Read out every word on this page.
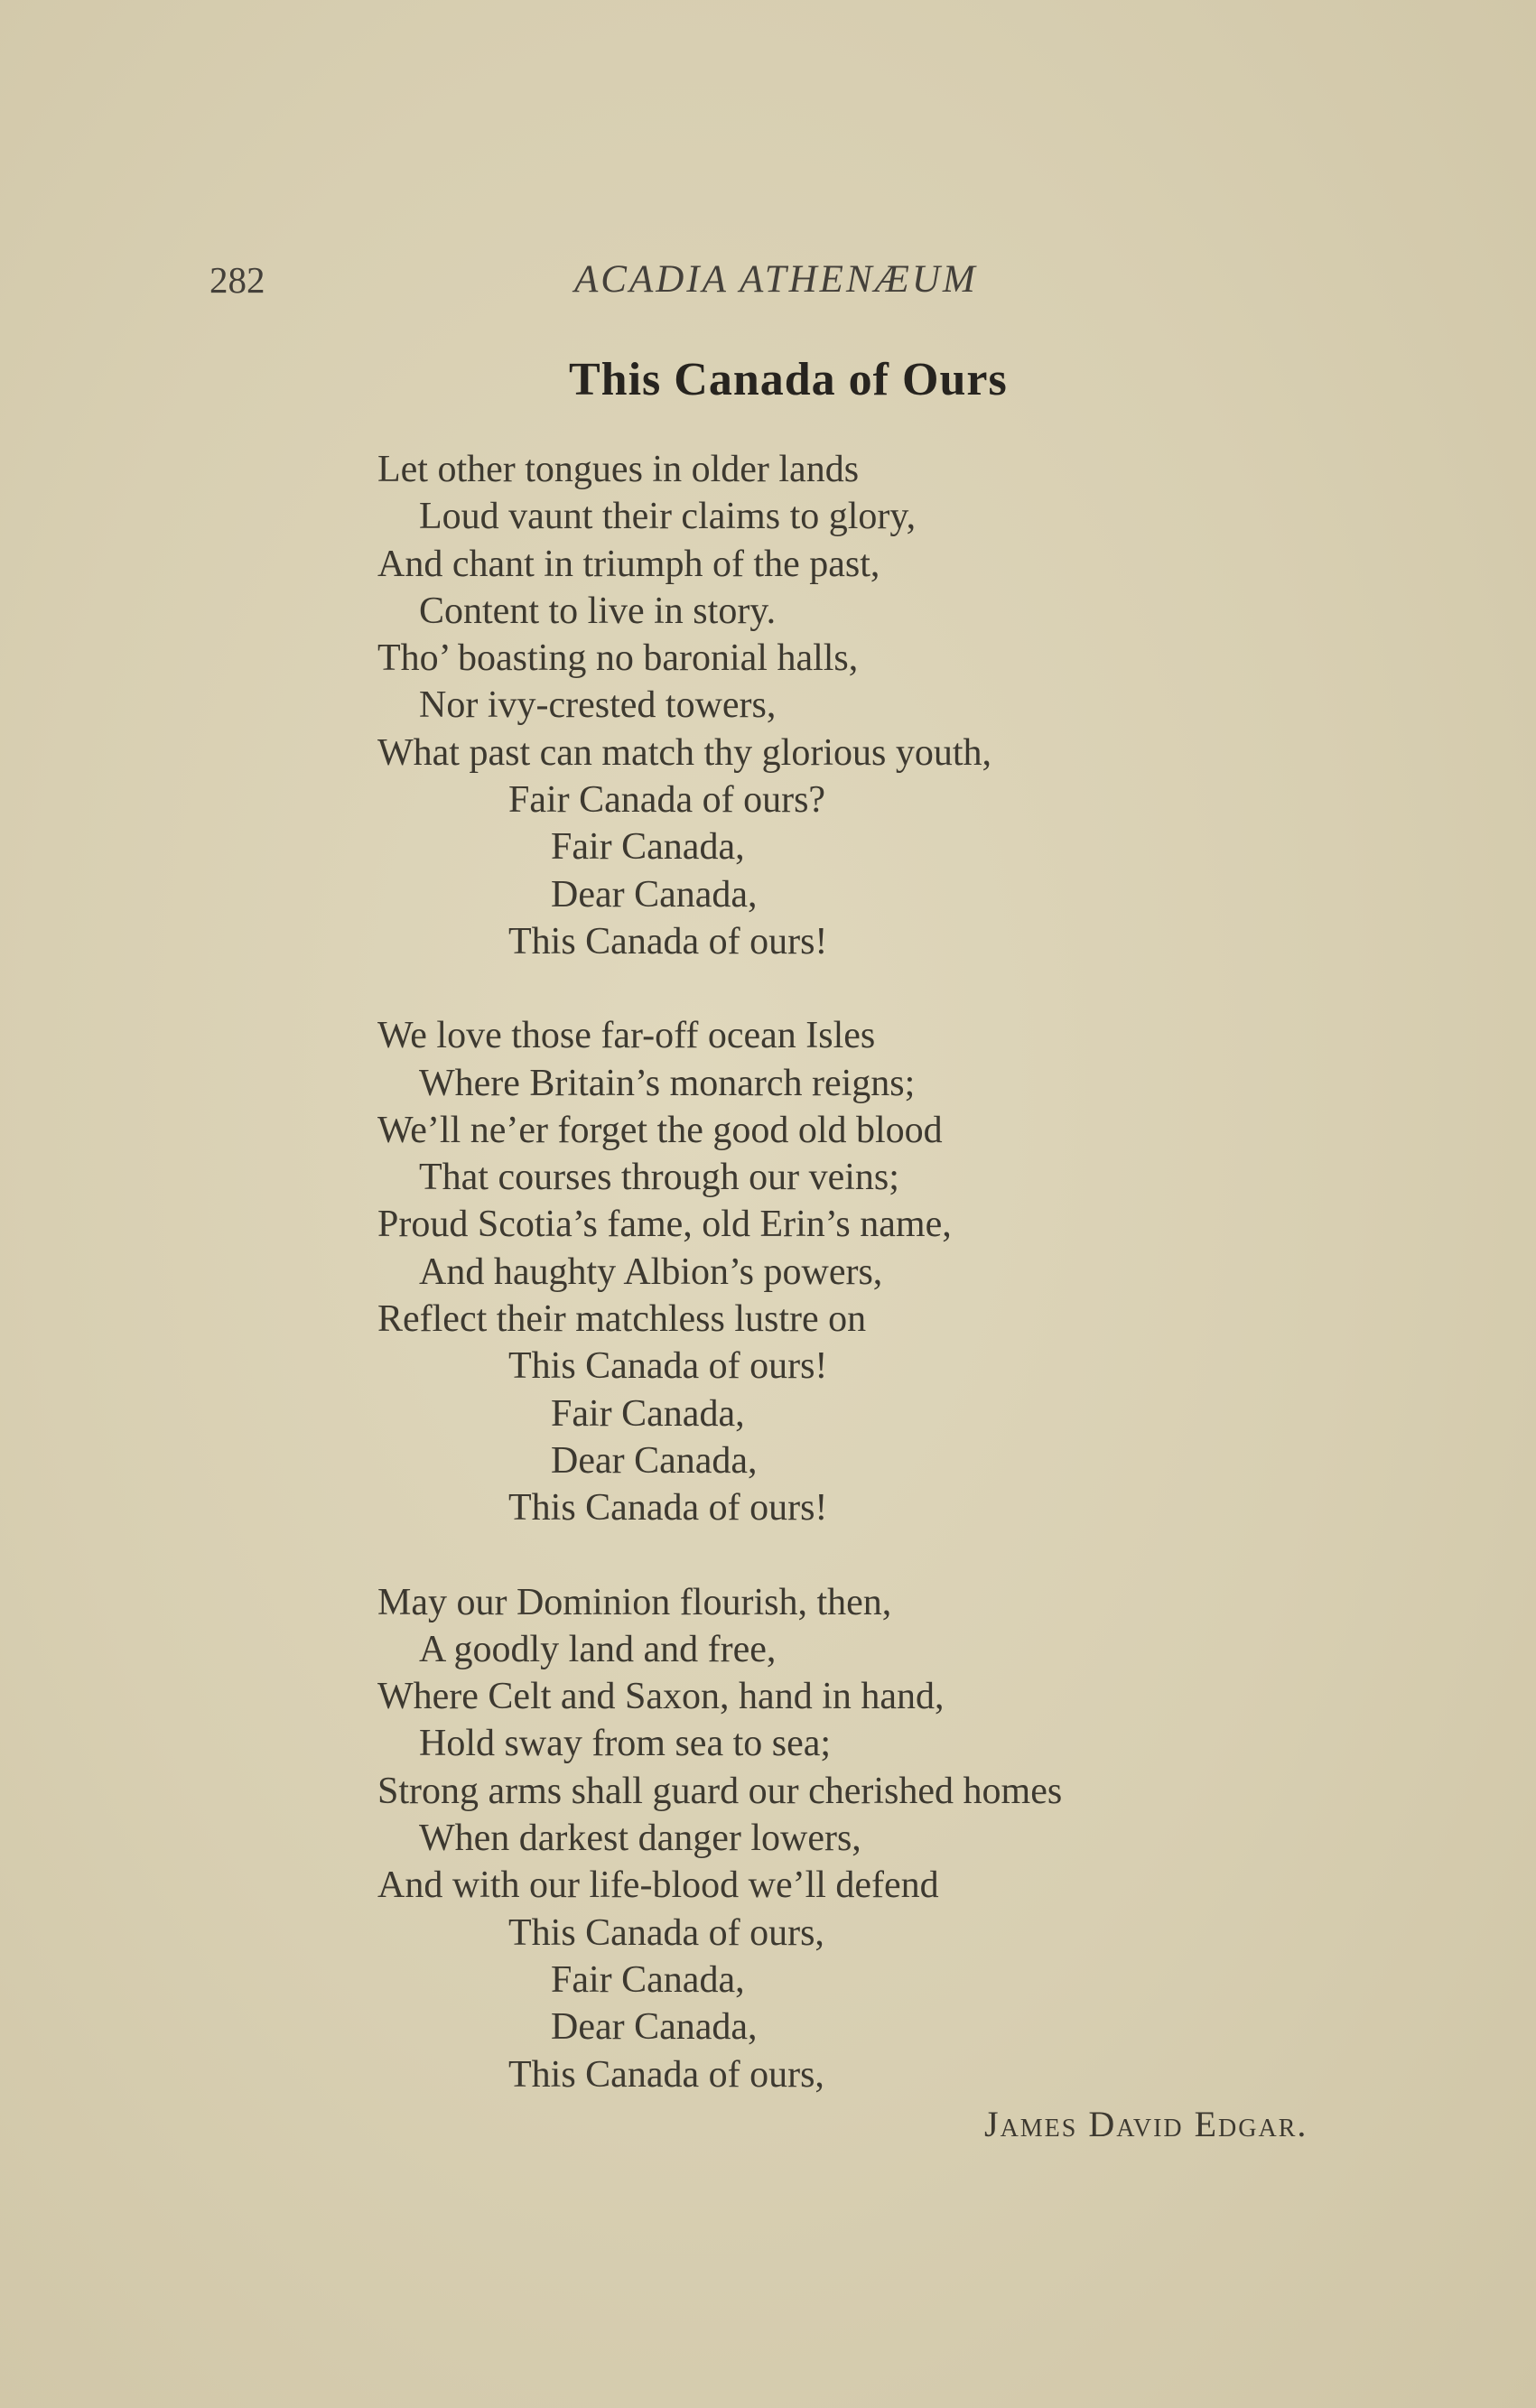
282	ACADIA ATHENÆUM
This Canada of Ours
Let other tongues in older lands
Loud vaunt their claims to glory,
And chant in triumph of the past,
Content to live in story.
Tho’ boasting no baronial halls,
Nor ivy-crested towers,
What past can match thy glorious youth,
Fair Canada of ours?
Fair Canada,
Dear Canada,
This Canada of ours!
We love those far-off ocean Isles
Where Britain’s monarch reigns;
We’ll ne’er forget the good old blood
That courses through our veins;
Proud Scotia’s fame, old Erin’s name,
And haughty Albion’s powers,
Reflect their matchless lustre on
This Canada of ours!
Fair Canada,
Dear Canada,
This Canada of ours!
May our Dominion flourish, then,
A goodly land and free,
Where Celt and Saxon, hand in hand,
Hold sway from sea to sea;
Strong arms shall guard our cherished homes
When darkest danger lowers,
And with our life-blood we’ll defend
This Canada of ours,
Fair Canada,
Dear Canada,
This Canada of ours,
James David Edgar.
